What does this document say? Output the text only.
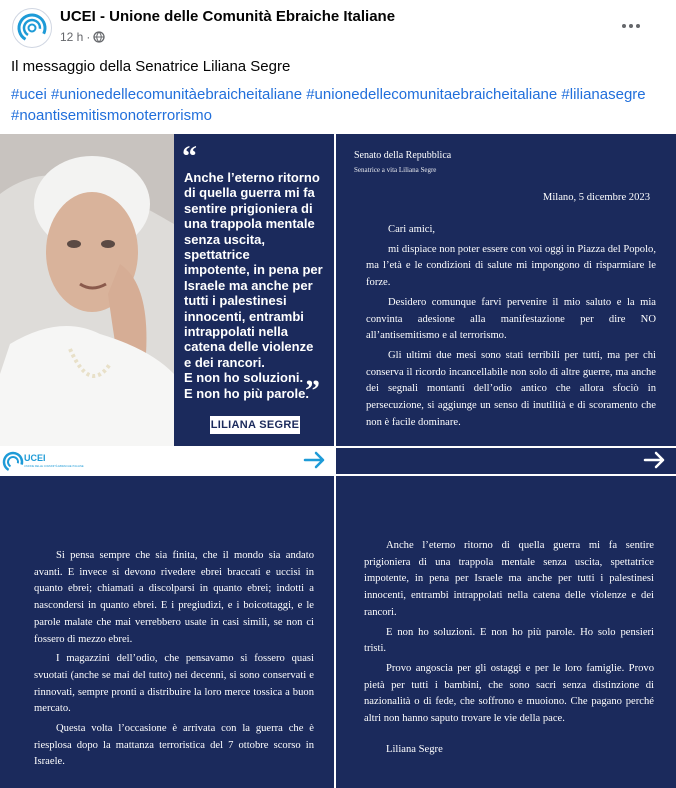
UCEI - Unione delle Comunità Ebraiche Italiane
12 h ·
Il messaggio della Senatrice Liliana Segre
#ucei #unionedellecomunitàebraicheitaliane #unionedellecomunitaebraicheitaliane #lilianasegre #noantisemitismonoterrorismo
“
Anche l’eterno ritorno
di quella guerra mi fa
sentire prigioniera di
una trappola mentale
senza uscita, spettatrice
impotente, in pena per
Israele ma anche per
tutti i palestinesi
innocenti, entrambi
intrappolati nella
catena delle violenze
e dei rancori.
E non ho soluzioni.
E non ho più parole.
”
LILIANA SEGRE
UCEI
UNIONE DELLE COMUNITÀ EBRAICHE ITALIANE
Senato della Repubblica
Senatrice a vita Liliana Segre
Milano, 5 dicembre 2023

Cari amici,

mi dispiace non poter essere con voi oggi in Piazza del Popolo, ma l’età e le condizioni di salute mi impongono di risparmiare le forze.

Desidero comunque farvi pervenire il mio saluto e la mia convinta adesione alla manifestazione per dire NO all’antisemitismo e al terrorismo.

Gli ultimi due mesi sono stati terribili per tutti, ma per chi conserva il ricordo incancellabile non solo di altre guerre, ma anche dei segnali montanti dell’odio antico che allora sfociò in persecuzione, si aggiunge un senso di inutilità e di scoramento che non è facile dominare.

Si pensa sempre che sia finita, che il mondo sia andato avanti. E invece si devono rivedere ebrei braccati e uccisi in quanto ebrei; chiamati a discolparsi in quanto ebrei; indotti a nascondersi in quanto ebrei. E i pregiudizi, e i boicottaggi, e le parole malate che mai verrebbero usate in casi simili, se non ci fossero di mezzo ebrei.

I magazzini dell’odio, che pensavamo si fossero quasi svuotati (anche se mai del tutto) nei decenni, si sono conservati e rinnovati, sempre pronti a distribuire la loro merce tossica a buon mercato.

Questa volta l’occasione è arrivata con la guerra che è riesplosa dopo la mattanza terroristica del 7 ottobre scorso in Israele.

Anche l’eterno ritorno di quella guerra mi fa sentire prigioniera di una trappola mentale senza uscita, spettatrice impotente, in pena per Israele ma anche per tutti i palestinesi innocenti, entrambi intrappolati nella catena delle violenze e dei rancori.

E non ho soluzioni. E non ho più parole. Ho solo pensieri tristi.

Provo angoscia per gli ostaggi e per le loro famiglie. Provo pietà per tutti i bambini, che sono sacri senza distinzione di nazionalità o di fede, che soffrono e muoiono. Che pagano perché altri non hanno saputo trovare le vie della pace.

Liliana Segre
